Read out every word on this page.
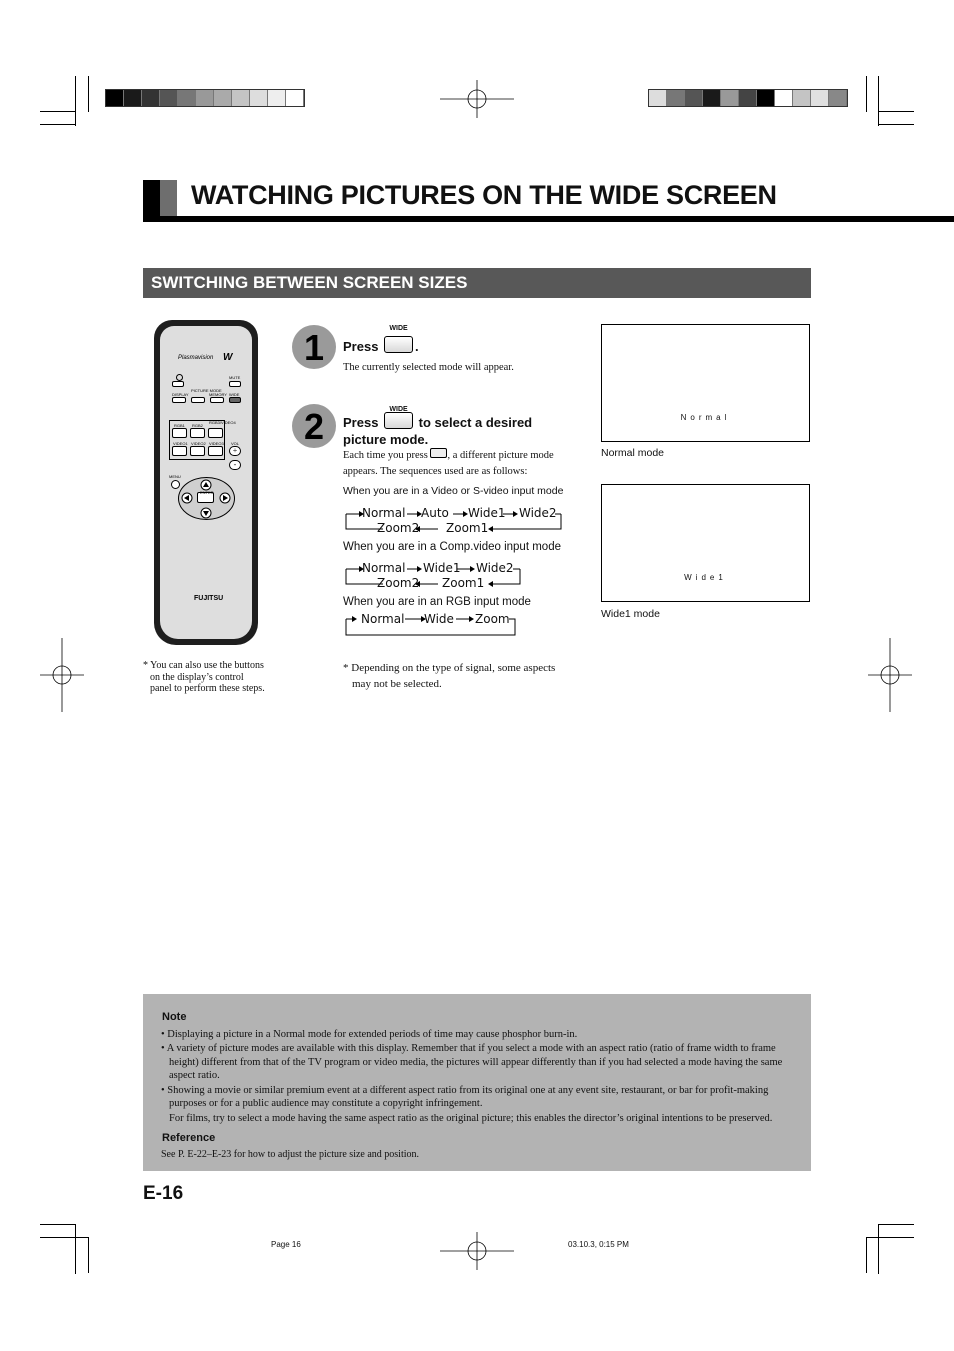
WATCHING PICTURES ON THE WIDE SCREEN
SWITCHING BETWEEN SCREEN SIZES
Plasmavision W
MUTE
DISPLAY
PICTURE MODE
MEMORY WIDE
RGB1 RGB2
RGB3/VIDEO4
VIDEO1 VIDEO2 VIDEO3 VOL
+
-
MENU
ENTER
FUJITSU
* You can also use the buttons
on the display’s control
panel to perform these steps.
1	Press
WIDE
.
The currently selected mode will appear.
2	Press
WIDE
to select a desired
picture mode.
Each time you press , a different picture mode
appears. The sequences used are as follows:
When you are in a Video or S-video input mode
Normal Auto Wide1 Wide2
Zoom2 Zoom1
When you are in a Comp.video input mode
Normal Wide1 Wide2
Zoom2 Zoom1
When you are in an RGB input mode
Normal Wide Zoom
* Depending on the type of signal, some aspects
may not be selected.
Normal
Normal mode
Wide1
Wide1 mode
Note
• Displaying a picture in a Normal mode for extended periods of time may cause phosphor burn-in.
• A variety of picture modes are available with this display. Remember that if you select a mode with an aspect ratio (ratio of frame width to frame
height) different from that of the TV program or video media, the pictures will appear differently than if you had selected a mode having the same
aspect ratio.
• Showing a movie or similar premium event at a different aspect ratio from its original one at any event site, restaurant, or bar for profit-making
purposes or for a public audience may constitute a copyright infringement.
For films, try to select a mode having the same aspect ratio as the original picture; this enables the director’s original intentions to be preserved.
Reference
See P. E-22–E-23 for how to adjust the picture size and position.
E-16
Page 16	03.10.3, 0:15 PM
